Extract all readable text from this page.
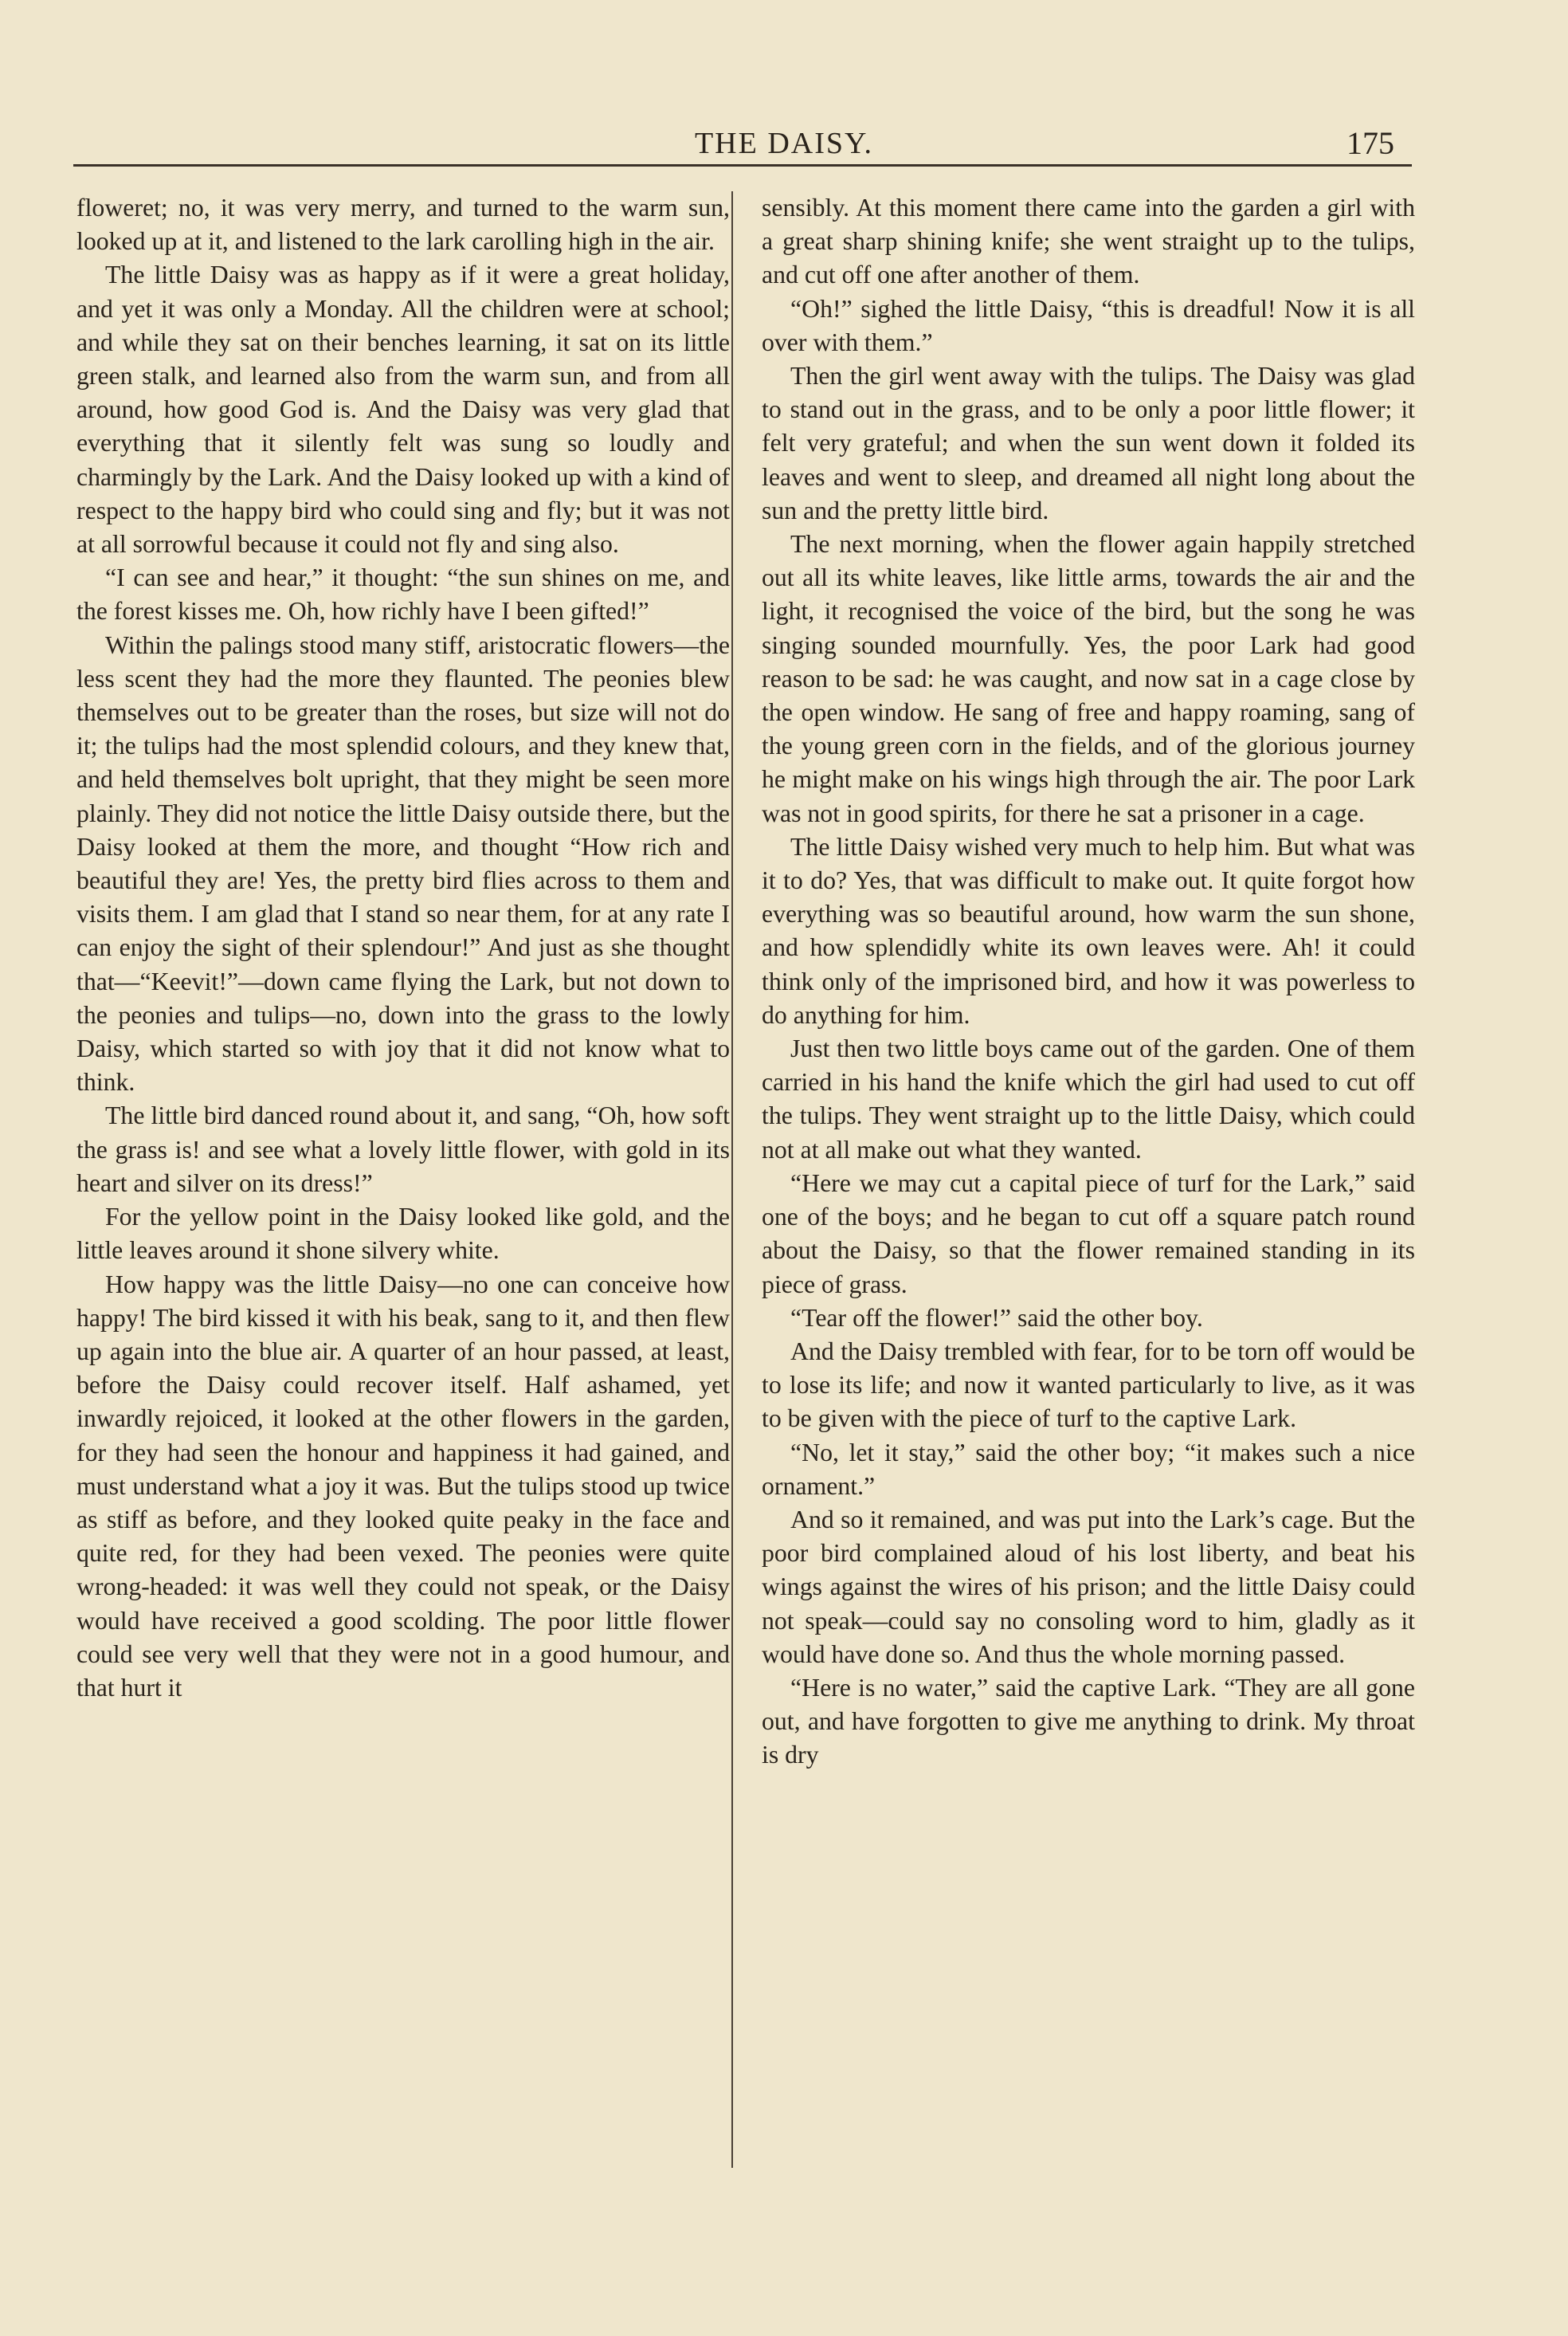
THE DAISY.	175

floweret; no, it was very merry, and turned to the warm sun, looked up at it, and listened to the lark carolling high in the air.

The little Daisy was as happy as if it were a great holiday, and yet it was only a Monday. All the children were at school; and while they sat on their benches learning, it sat on its little green stalk, and learned also from the warm sun, and from all around, how good God is. And the Daisy was very glad that everything that it silently felt was sung so loudly and charmingly by the Lark. And the Daisy looked up with a kind of respect to the happy bird who could sing and fly; but it was not at all sorrowful because it could not fly and sing also.

“I can see and hear,” it thought: “the sun shines on me, and the forest kisses me. Oh, how richly have I been gifted!”

Within the palings stood many stiff, aristocratic flowers—the less scent they had the more they flaunted. The peonies blew themselves out to be greater than the roses, but size will not do it; the tulips had the most splendid colours, and they knew that, and held themselves bolt upright, that they might be seen more plainly. They did not notice the little Daisy outside there, but the Daisy looked at them the more, and thought “How rich and beautiful they are! Yes, the pretty bird flies across to them and visits them. I am glad that I stand so near them, for at any rate I can enjoy the sight of their splendour!” And just as she thought that—“Keevit!”—down came flying the Lark, but not down to the peonies and tulips—no, down into the grass to the lowly Daisy, which started so with joy that it did not know what to think.

The little bird danced round about it, and sang, “Oh, how soft the grass is! and see what a lovely little flower, with gold in its heart and silver on its dress!”

For the yellow point in the Daisy looked like gold, and the little leaves around it shone silvery white.

How happy was the little Daisy—no one can conceive how happy! The bird kissed it with his beak, sang to it, and then flew up again into the blue air. A quarter of an hour passed, at least, before the Daisy could recover itself. Half ashamed, yet inwardly rejoiced, it looked at the other flowers in the garden, for they had seen the honour and happiness it had gained, and must understand what a joy it was. But the tulips stood up twice as stiff as before, and they looked quite peaky in the face and quite red, for they had been vexed. The peonies were quite wrong-headed: it was well they could not speak, or the Daisy would have received a good scolding. The poor little flower could see very well that they were not in a good humour, and that hurt it

sensibly. At this moment there came into the garden a girl with a great sharp shining knife; she went straight up to the tulips, and cut off one after another of them.

“Oh!” sighed the little Daisy, “this is dreadful! Now it is all over with them.”

Then the girl went away with the tulips. The Daisy was glad to stand out in the grass, and to be only a poor little flower; it felt very grateful; and when the sun went down it folded its leaves and went to sleep, and dreamed all night long about the sun and the pretty little bird.

The next morning, when the flower again happily stretched out all its white leaves, like little arms, towards the air and the light, it recognised the voice of the bird, but the song he was singing sounded mournfully. Yes, the poor Lark had good reason to be sad: he was caught, and now sat in a cage close by the open window. He sang of free and happy roaming, sang of the young green corn in the fields, and of the glorious journey he might make on his wings high through the air. The poor Lark was not in good spirits, for there he sat a prisoner in a cage.

The little Daisy wished very much to help him. But what was it to do? Yes, that was difficult to make out. It quite forgot how everything was so beautiful around, how warm the sun shone, and how splendidly white its own leaves were. Ah! it could think only of the imprisoned bird, and how it was powerless to do anything for him.

Just then two little boys came out of the garden. One of them carried in his hand the knife which the girl had used to cut off the tulips. They went straight up to the little Daisy, which could not at all make out what they wanted.

“Here we may cut a capital piece of turf for the Lark,” said one of the boys; and he began to cut off a square patch round about the Daisy, so that the flower remained standing in its piece of grass.

“Tear off the flower!” said the other boy.

And the Daisy trembled with fear, for to be torn off would be to lose its life; and now it wanted particularly to live, as it was to be given with the piece of turf to the captive Lark.

“No, let it stay,” said the other boy; “it makes such a nice ornament.”

And so it remained, and was put into the Lark’s cage. But the poor bird complained aloud of his lost liberty, and beat his wings against the wires of his prison; and the little Daisy could not speak—could say no consoling word to him, gladly as it would have done so. And thus the whole morning passed.

“Here is no water,” said the captive Lark. “They are all gone out, and have forgotten to give me anything to drink. My throat is dry
